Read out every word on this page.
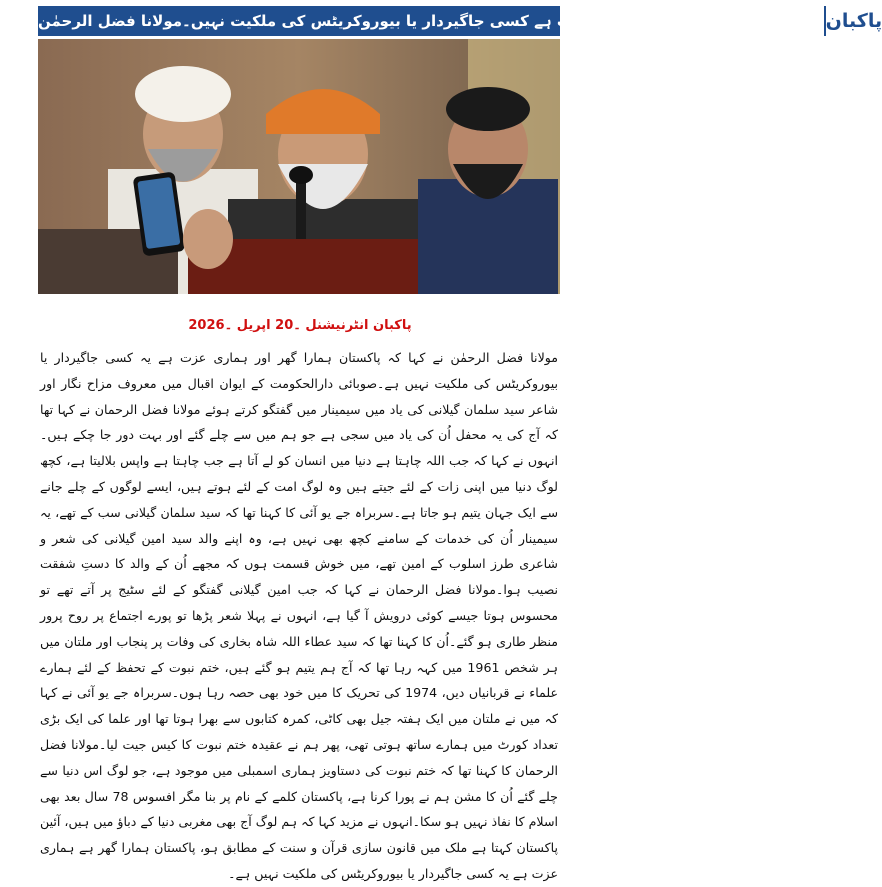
پاکستان ہمارا گھر اور ہماری عزت ہے کسی جاگیردار یا بیوروکریٹس کی ملکیت نہیں۔مولانا فضل الرحمٰن پاکبان
پاکبان انٹرنیشنل ۔20 اپریل ۔2026
مولانا فضل الرحمٰن نے کہا کہ پاکستان ہمارا گھر اور ہماری عزت ہے یہ کسی جاگیردار یا بیوروکریٹس کی ملکیت نہیں ہے۔صوبائی دارالحکومت کے ایوان اقبال میں معروف مزاح نگار اور شاعر سید سلمان گیلانی کی یاد میں سیمینار میں گفتگو کرتے ہوئے مولانا فضل الرحمان نے کہا تھا کہ آج کی یہ محفل اُن کی یاد میں سجی ہے جو ہم میں سے چلے گئے اور بہت دور جا چکے ہیں۔انہوں نے کہا کہ جب اللہ چاہتا ہے دنیا میں انسان کو لے آتا ہے جب چاہتا ہے واپس بلالیتا ہے، کچھ لوگ دنیا میں اپنی زات کے لئے جیتے ہیں وہ لوگ امت کے لئے ہوتے ہیں، ایسے لوگوں کے چلے جانے سے ایک جہان یتیم ہو جاتا ہے۔سربراہ جے یو آئی کا کہنا تھا کہ سید سلمان گیلانی سب کے تھے، یہ سیمینار اُن کی خدمات کے سامنے کچھ بھی نہیں ہے، وہ اپنے والد سید امین گیلانی کی شعر و شاعری طرز اسلوب کے امین تھے، میں خوش قسمت ہوں کہ مجھے اُن کے والد کا دستِ شفقت نصیب ہوا۔مولانا فضل الرحمان نے کہا کہ جب امین گیلانی گفتگو کے لئے سٹیج پر آتے تھے تو محسوس ہوتا جیسے کوئی درویش آ گیا ہے، انہوں نے پہلا شعر پڑھا تو پورے اجتماع پر روح پرور منظر طاری ہو گئے۔اُن کا کہنا تھا کہ سید عطاء اللہ شاہ بخاری کی وفات پر پنجاب اور ملتان میں ہر شخص 1961 میں کہہ رہا تھا کہ آج ہم یتیم ہو گئے ہیں، ختم نبوت کے تحفظ کے لئے ہمارے علماء نے قربانیاں دیں، 1974 کی تحریک کا میں خود بھی حصہ رہا ہوں۔سربراہ جے یو آئی نے کہا کہ میں نے ملتان میں ایک ہفتہ جیل بھی کاٹی، کمرہ کتابوں سے بھرا ہوتا تھا اور علما کی ایک بڑی تعداد کورٹ میں ہمارے ساتھ ہوتی تھی، پھر ہم نے عقیدہ ختم نبوت کا کیس جیت لیا۔مولانا فضل الرحمان کا کہنا تھا کہ ختم نبوت کی دستاویز ہماری اسمبلی میں موجود ہے، جو لوگ اس دنیا سے چلے گئے اُن کا مشن ہم نے پورا کرنا ہے، پاکستان کلمے کے نام پر بنا مگر افسوس 78 سال بعد بھی اسلام کا نفاذ نہیں ہو سکا۔انہوں نے مزید کہا کہ ہم لوگ آج بھی مغربی دنیا کے دباؤ میں ہیں، آئین پاکستان کہتا ہے ملک میں قانون سازی قرآن و سنت کے مطابق ہو، پاکستان ہمارا گھر ہے ہماری عزت ہے یہ کسی جاگیردار یا بیوروکریٹس کی ملکیت نہیں ہے۔
